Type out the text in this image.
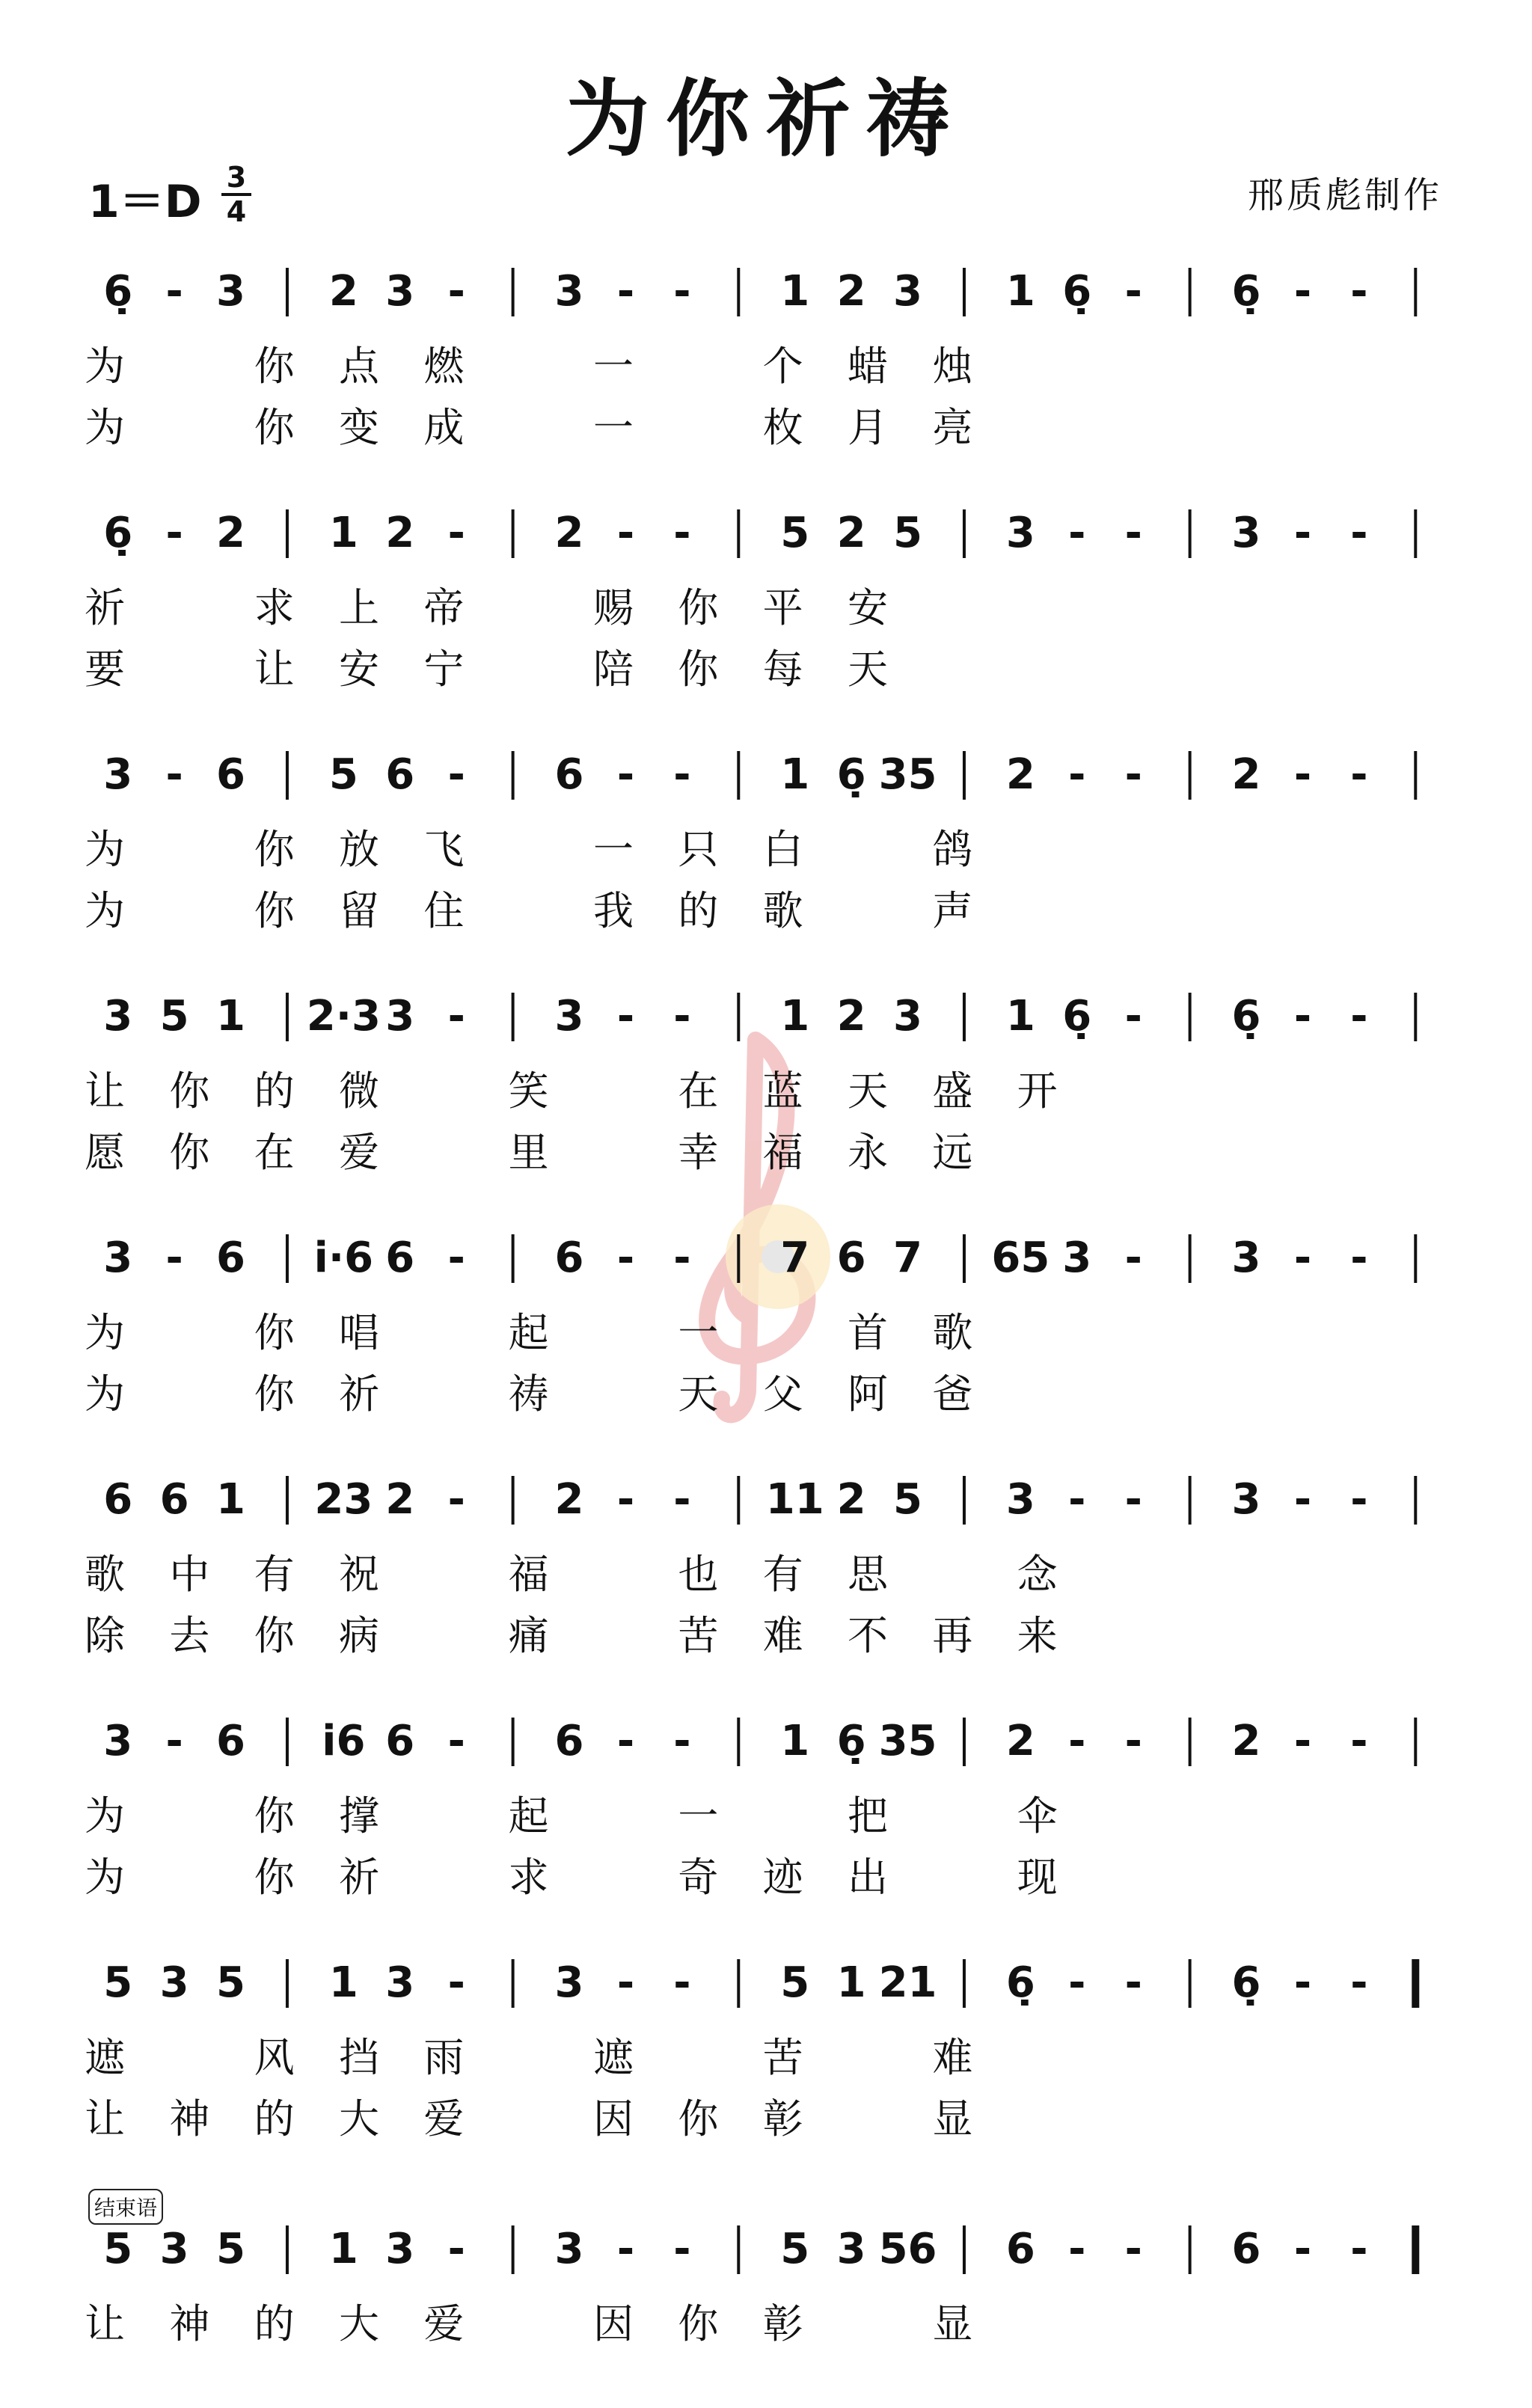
为你祈祷
1＝D 3
4	邢质彪制作
6̣ - 3 2 3 - 3 - - 1 2 3 1 6̣ - 6̣ - -
为	你 点 燃	一	个 蜡 烛
为	你 变 成	一	枚 月 亮
6̣ - 2 1 2 - 2 - - 5 2 5 3 - - 3 - -
祈	求 上 帝	赐 你 平 安
要	让 安 宁	陪 你 每 天
3 - 6 5 6 - 6 - - 1 6̣ 35 2 - - 2 - -
为	你 放 飞	一 只 白	鸽
为	你 留 住	我 的 歌	声
3 5 1 2·3 3 - 3 - - 1 2 3 1 6̣ - 6̣ - -
让 你 的 微	笑	在 蓝 天 盛 开
愿 你 在 爱	里	幸 福 永 远
3 - 6 i·6 6 - 6 - - 7 6 7 65 3 - 3 - -
为	你 唱	起	一	首 歌
为	你 祈	祷	天 父 阿 爸
6 6 1 23 2 - 2 - - 11 2 5 3 - - 3 - -
歌 中 有 祝	福	也 有 思	念
除 去 你 病	痛	苦 难 不 再 来
3 - 6 i6 6 - 6 - - 1 6̣ 35 2 - - 2 - -
为	你 撑	起	一	把	伞
为	你 祈	求	奇 迹 出	现
5 3 5 1 3 - 3 - - 5 1 21 6̣ - - 6̣ - -
遮	风 挡 雨	遮	苦	难
让 神 的 大 爱	因 你 彰	显
5 3 5 1 3 - 3 - - 5 3 56 6 - - 6 - -
让 神 的 大 爱	因 你 彰	显
结束语
